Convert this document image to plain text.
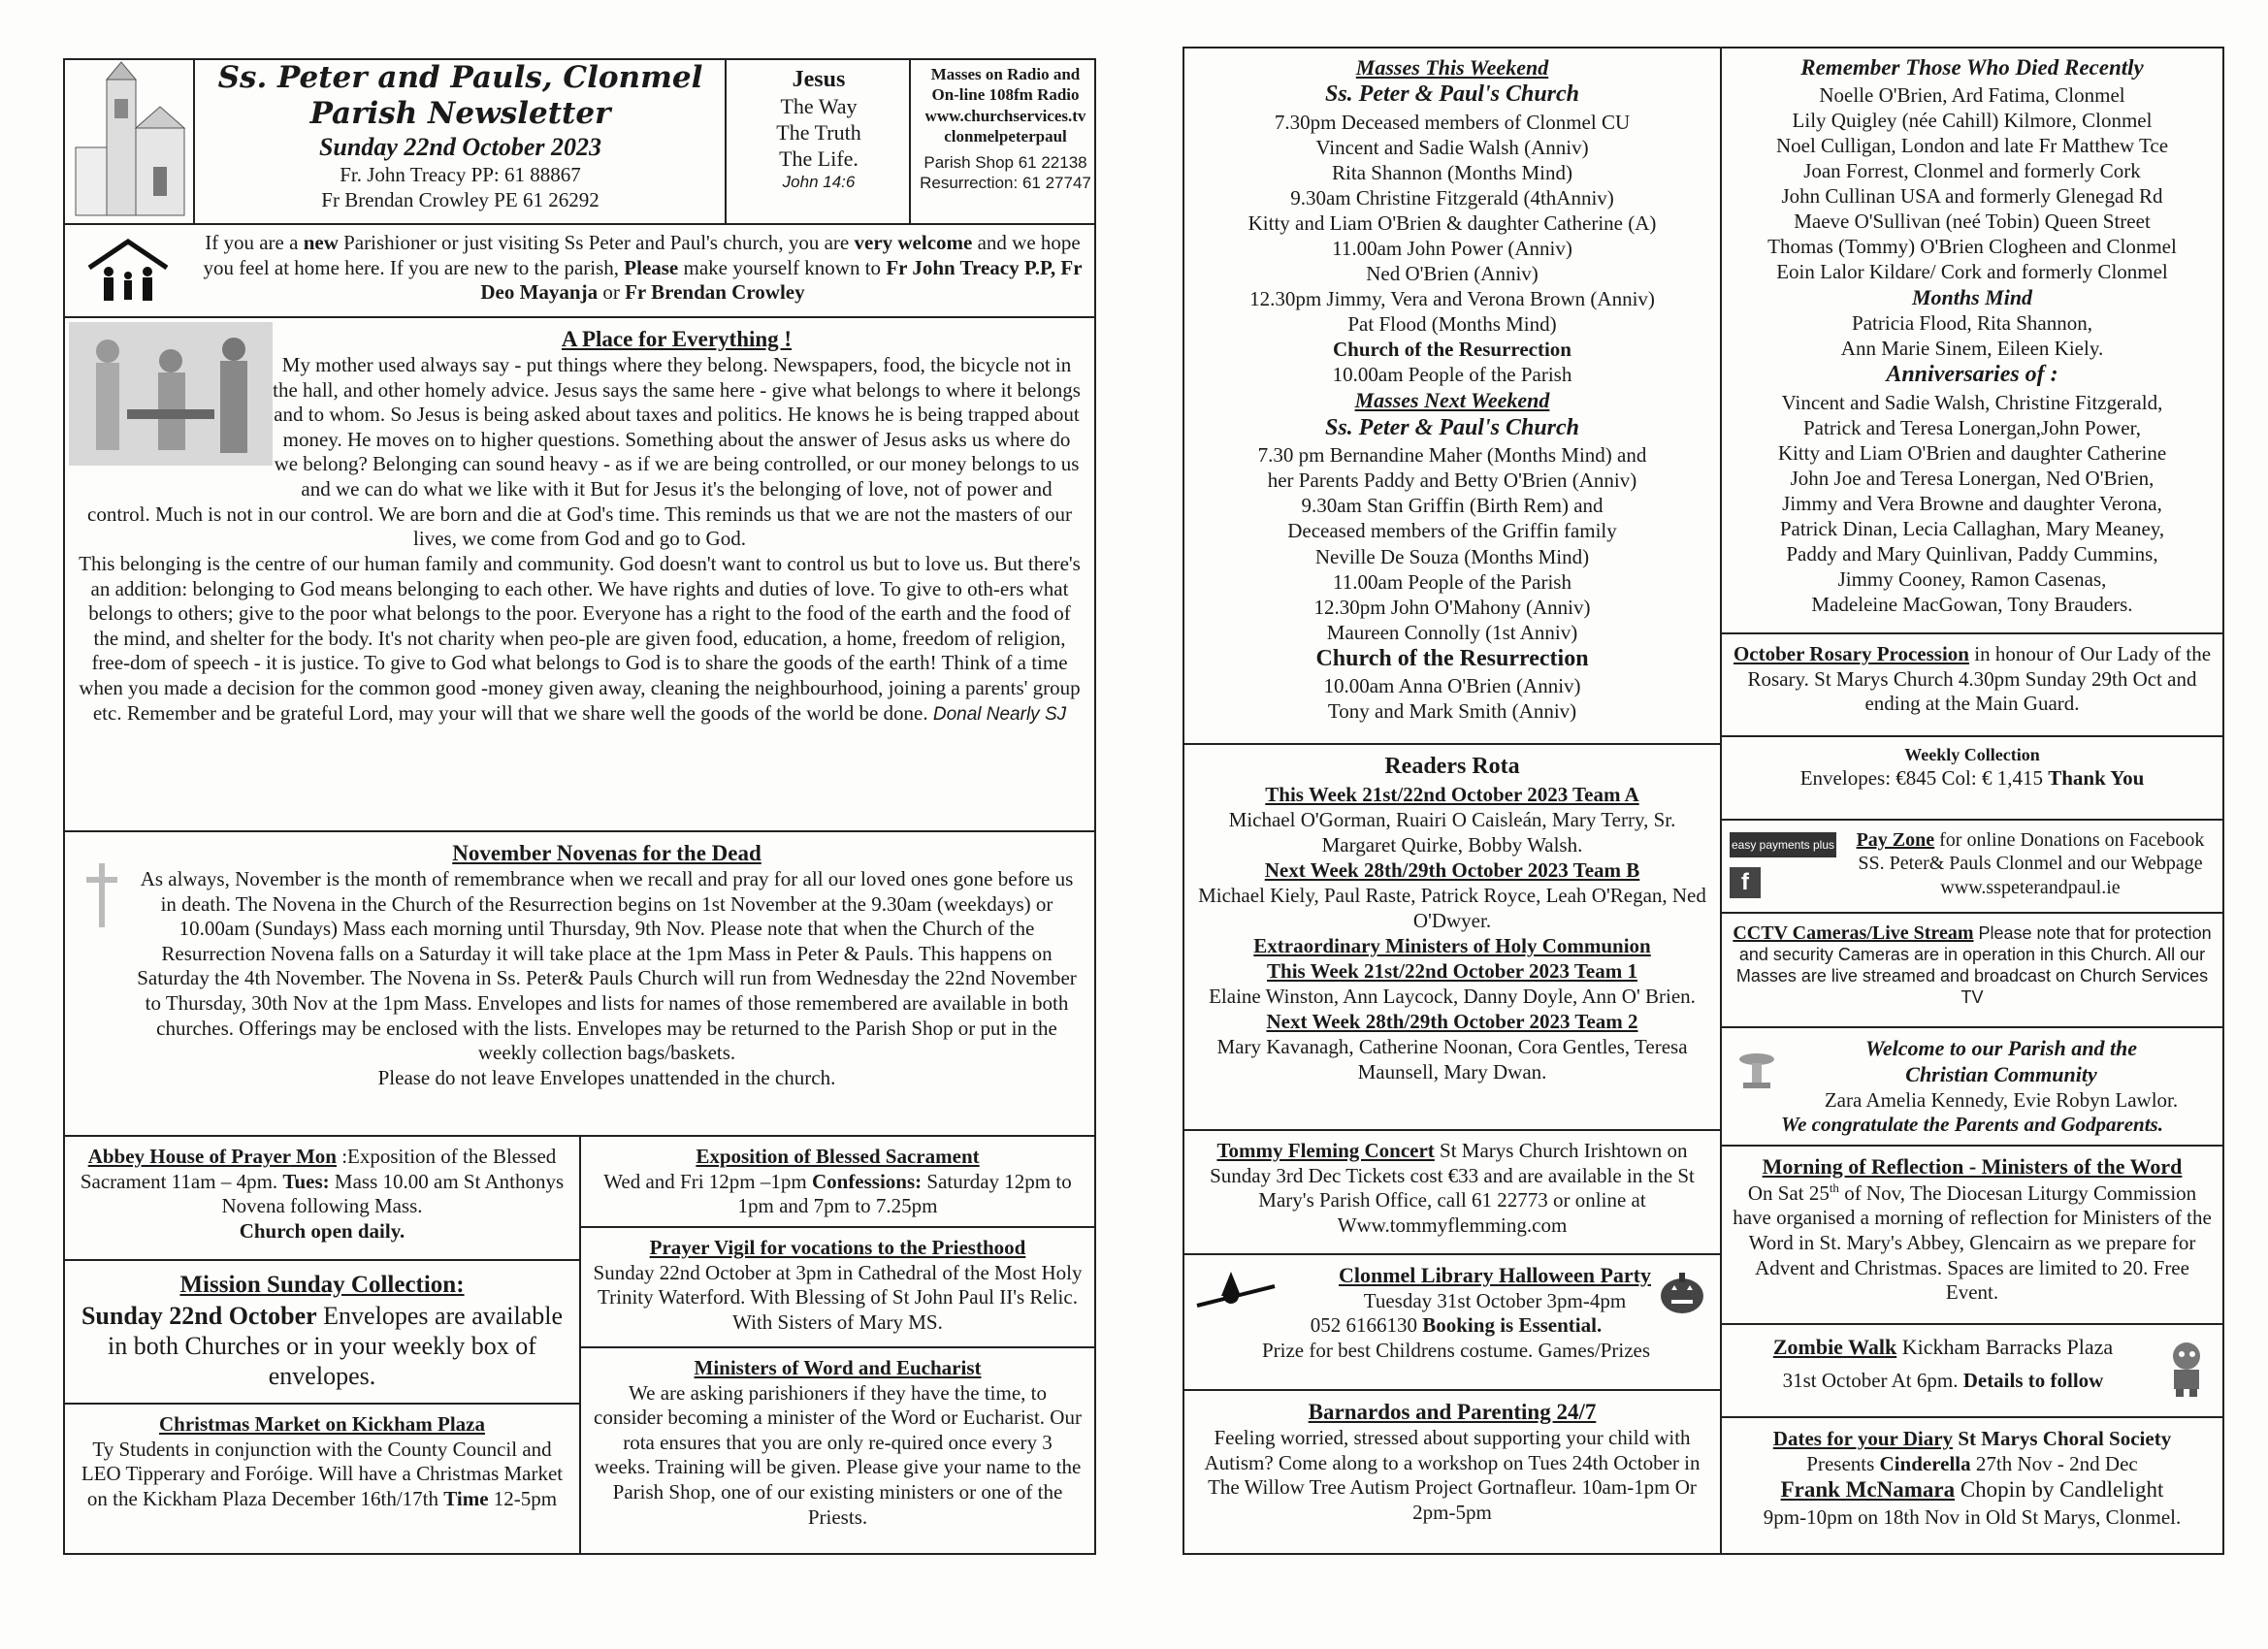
Ss. Peter and Pauls, Clonmel
Parish Newsletter
Sunday 22nd October 2023
Fr. John Treacy PP: 61 88867
Fr Brendan Crowley PE 61 26292
Jesus
The Way
The Truth
The Life.
John 14:6
Masses on Radio and
On-line 108fm Radio
www.churchservices.tv
clonmelpeterpaul
Parish Shop 61 22138
Resurrection: 61 27747

If you are a new Parishioner or just visiting Ss Peter and Paul's church, you are very welcome and we hope you feel at home here. If you are new to the parish, Please make yourself known to Fr John Treacy P.P, Fr Deo Mayanja or Fr Brendan Crowley

A Place for Everything !

My mother used always say - put things where they belong. Newspapers, food, the bicycle not in the hall, and other homely advice. Jesus says the same here - give what belongs to where it belongs and to whom. So Jesus is being asked about taxes and politics. He knows he is being trapped about money. He moves on to higher questions. Something about the answer of Jesus asks us where do we belong? Belonging can sound heavy - as if we are being controlled, or our money belongs to us and we can do what we like with it But for Jesus it's the belonging of love, not of power and control. Much is not in our control. We are born and die at God's time. This reminds us that we are not the masters of our lives, we come from God and go to God.

This belonging is the centre of our human family and community. God doesn't want to control us but to love us. But there's an addition: belonging to God means belonging to each other. We have rights and duties of love. To give to oth-ers what belongs to others; give to the poor what belongs to the poor. Everyone has a right to the food of the earth and the food of the mind, and shelter for the body. It's not charity when peo-ple are given food, education, a home, freedom of religion, free-dom of speech - it is justice. To give to God what belongs to God is to share the goods of the earth! Think of a time when you made a decision for the common good -money given away, cleaning the neighbourhood, joining a parents' group etc. Remember and be grateful Lord, may your will that we share well the goods of the world be done. Donal Nearly SJ

November Novenas for the Dead

As always, November is the month of remembrance when we recall and pray for all our loved ones gone before us in death. The Novena in the Church of the Resurrection begins on 1st November at the 9.30am (weekdays) or 10.00am (Sundays) Mass each morning until Thursday, 9th Nov. Please note that when the Church of the Resurrection Novena falls on a Saturday it will take place at the 1pm Mass in Peter & Pauls. This happens on Saturday the 4th November. The Novena in Ss. Peter& Pauls Church will run from Wednesday the 22nd November to Thursday, 30th Nov at the 1pm Mass. Envelopes and lists for names of those remembered are available in both churches. Offerings may be enclosed with the lists. Envelopes may be returned to the Parish Shop or put in the weekly collection bags/baskets.

Please do not leave Envelopes unattended in the church.

Abbey House of Prayer Mon :Exposition of the Blessed Sacrament 11am – 4pm. Tues: Mass 10.00 am St Anthonys Novena following Mass.

Church open daily.

Mission Sunday Collection:

Sunday 22nd October Envelopes are available in both Churches or in your weekly box of envelopes.

Christmas Market on Kickham Plaza

Ty Students in conjunction with the County Council and LEO Tipperary and Foróige. Will have a Christmas Market on the Kickham Plaza December 16th/17th Time 12-5pm

Exposition of Blessed Sacrament

Wed and Fri 12pm –1pm Confessions: Saturday 12pm to 1pm and 7pm to 7.25pm

Prayer Vigil for vocations to the Priesthood

Sunday 22nd October at 3pm in Cathedral of the Most Holy Trinity Waterford. With Blessing of St John Paul II's Relic. With Sisters of Mary MS.

Ministers of Word and Eucharist

We are asking parishioners if they have the time, to consider becoming a minister of the Word or Eucharist. Our rota ensures that you are only re-quired once every 3 weeks. Training will be given. Please give your name to the Parish Shop, one of our existing ministers or one of the Priests.

Masses This Weekend
Ss. Peter & Paul's Church
7.30pm Deceased members of Clonmel CU
Vincent and Sadie Walsh (Anniv)
Rita Shannon (Months Mind)
9.30am Christine Fitzgerald (4thAnniv)
Kitty and Liam O'Brien & daughter Catherine (A)
11.00am John Power (Anniv)
Ned O'Brien (Anniv)
12.30pm Jimmy, Vera and Verona Brown (Anniv)
Pat Flood (Months Mind)
Church of the Resurrection
10.00am People of the Parish
Masses Next Weekend
Ss. Peter & Paul's Church
7.30 pm Bernandine Maher (Months Mind) and
her Parents Paddy and Betty O'Brien (Anniv)
9.30am Stan Griffin (Birth Rem) and
Deceased members of the Griffin family
Neville De Souza (Months Mind)
11.00am People of the Parish
12.30pm John O'Mahony (Anniv)
Maureen Connolly (1st Anniv)
Church of the Resurrection
10.00am Anna O'Brien (Anniv)
Tony and Mark Smith (Anniv)
Readers Rota
This Week 21st/22nd October 2023 Team A
Michael O'Gorman, Ruairi O Caisleán, Mary Terry, Sr. Margaret Quirke, Bobby Walsh.
Next Week 28th/29th October 2023 Team B
Michael Kiely, Paul Raste, Patrick Royce, Leah O'Regan, Ned O'Dwyer.
Extraordinary Ministers of Holy Communion
This Week 21st/22nd October 2023 Team 1
Elaine Winston, Ann Laycock, Danny Doyle, Ann O' Brien.
Next Week 28th/29th October 2023 Team 2
Mary Kavanagh, Catherine Noonan, Cora Gentles, Teresa Maunsell, Mary Dwan.

Tommy Fleming Concert St Marys Church Irishtown on Sunday 3rd Dec Tickets cost €33 and are available in the St Mary's Parish Office, call 61 22773 or online at Www.tommyflemming.com

Clonmel Library Halloween Party
Tuesday 31st October 3pm-4pm
052 6166130 Booking is Essential.
Prize for best Childrens costume. Games/Prizes
Barnardos and Parenting 24/7

Feeling worried, stressed about supporting your child with Autism? Come along to a workshop on Tues 24th October in The Willow Tree Autism Project Gortnafleur. 10am-1pm Or 2pm-5pm

Remember Those Who Died Recently
Noelle O'Brien, Ard Fatima, Clonmel
Lily Quigley (née Cahill) Kilmore, Clonmel
Noel Culligan, London and late Fr Matthew Tce
Joan Forrest, Clonmel and formerly Cork
John Cullinan USA and formerly Glenegad Rd
Maeve O'Sullivan (neé Tobin) Queen Street
Thomas (Tommy) O'Brien Clogheen and Clonmel
Eoin Lalor Kildare/ Cork and formerly Clonmel
Months Mind
Patricia Flood, Rita Shannon,
Ann Marie Sinem, Eileen Kiely.
Anniversaries of :
Vincent and Sadie Walsh, Christine Fitzgerald,
Patrick and Teresa Lonergan,John Power,
Kitty and Liam O'Brien and daughter Catherine
John Joe and Teresa Lonergan, Ned O'Brien,
Jimmy and Vera Browne and daughter Verona,
Patrick Dinan, Lecia Callaghan, Mary Meaney,
Paddy and Mary Quinlivan, Paddy Cummins,
Jimmy Cooney, Ramon Casenas,
Madeleine MacGowan, Tony Brauders.

October Rosary Procession in honour of Our Lady of the Rosary. St Marys Church 4.30pm Sunday 29th Oct and ending at the Main Guard.

Weekly Collection

Envelopes: €845 Col: € 1,415 Thank You

easy payments plus
f

Pay Zone for online Donations on Facebook SS. Peter& Pauls Clonmel and our Webpage www.sspeterandpaul.ie

CCTV Cameras/Live Stream Please note that for protection and security Cameras are in operation in this Church. All our Masses are live streamed and broadcast on Church Services TV

Welcome to our Parish and the
Christian Community
Zara Amelia Kennedy, Evie Robyn Lawlor.
We congratulate the Parents and Godparents.
Morning of Reflection - Ministers of the Word

On Sat 25th of Nov, The Diocesan Liturgy Commission have organised a morning of reflection for Ministers of the Word in St. Mary's Abbey, Glencairn as we prepare for Advent and Christmas. Spaces are limited to 20. Free Event.

Zombie Walk Kickham Barracks Plaza

31st October At 6pm. Details to follow

Dates for your Diary St Marys Choral Society
Presents Cinderella 27th Nov - 2nd Dec
Frank McNamara Chopin by Candlelight
9pm-10pm on 18th Nov in Old St Marys, Clonmel.
